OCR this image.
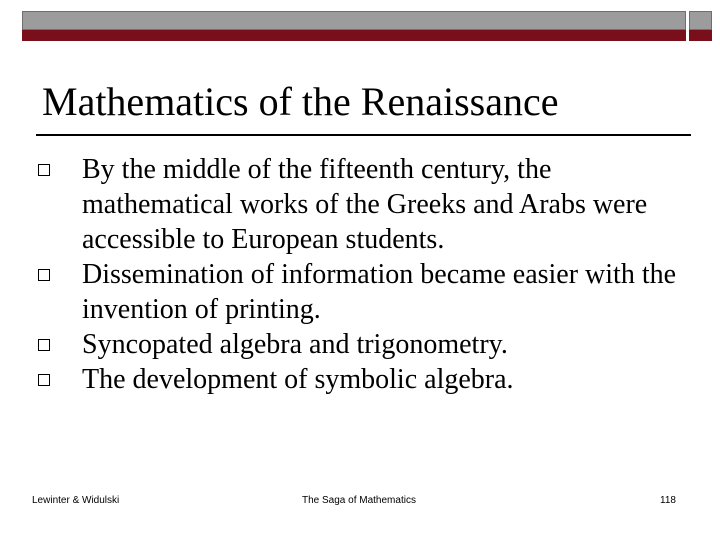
Mathematics of the Renaissance
By the middle of the fifteenth century, the mathematical works of the Greeks and Arabs were accessible to European students.
Dissemination of information became easier with the invention of printing.
Syncopated algebra and trigonometry.
The development of symbolic algebra.
Lewinter & Widulski	The Saga of Mathematics	118
